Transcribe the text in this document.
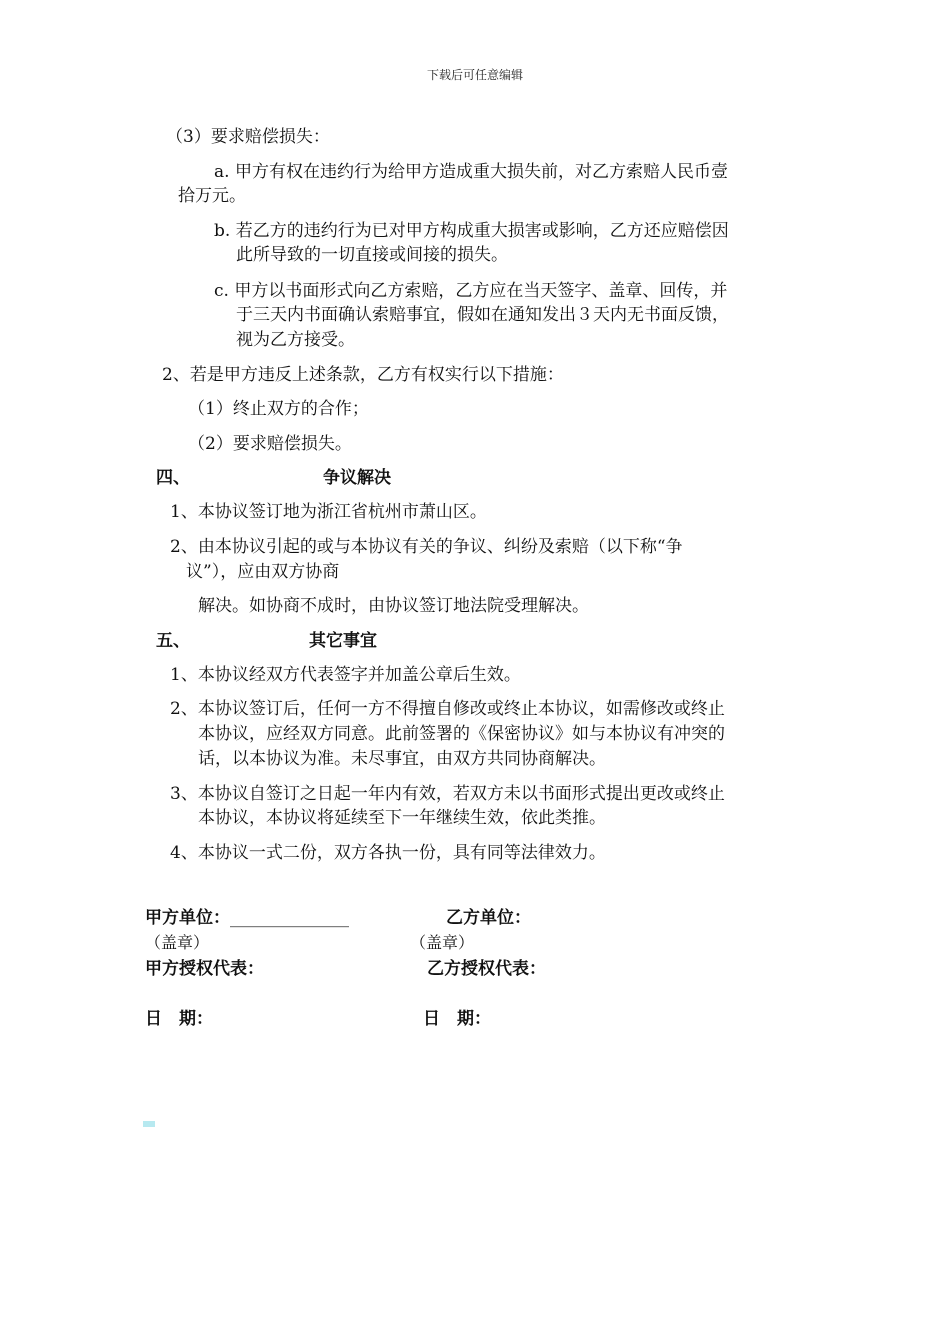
下载后可任意编辑
（3）要求赔偿损失：
a. 甲方有权在违约行为给甲方造成重大损失前，对乙方索赔人民币壹
拾万元。
b. 若乙方的违约行为已对甲方构成重大损害或影响，乙方还应赔偿因
此所导致的一切直接或间接的损失。
c. 甲方以书面形式向乙方索赔，乙方应在当天签字、盖章、回传，并
于三天内书面确认索赔事宜，假如在通知发出３天内无书面反馈，
视为乙方接受。
2、若是甲方违反上述条款，乙方有权实行以下措施：
（1）终止双方的合作；
（2）要求赔偿损失。
四、	争议解决
1、本协议签订地为浙江省杭州市萧山区。
2、由本协议引起的或与本协议有关的争议、纠纷及索赔（以下称“争
议”），应由双方协商
解决。如协商不成时，由协议签订地法院受理解决。
五、	其它事宜
1、本协议经双方代表签字并加盖公章后生效。
2、本协议签订后，任何一方不得擅自修改或终止本协议，如需修改或终止
本协议，应经双方同意。此前签署的《保密协议》如与本协议有冲突的
话，以本协议为准。未尽事宜，由双方共同协商解决。
3、本协议自签订之日起一年内有效，若双方未以书面形式提出更改或终止
本协议，本协议将延续至下一年继续生效，依此类推。
4、本协议一式二份，双方各执一份，具有同等法律效力。
甲方单位：______________	乙方单位：
（盖章）	（盖章）
甲方授权代表：	乙方授权代表：
日　期：	日　期：
